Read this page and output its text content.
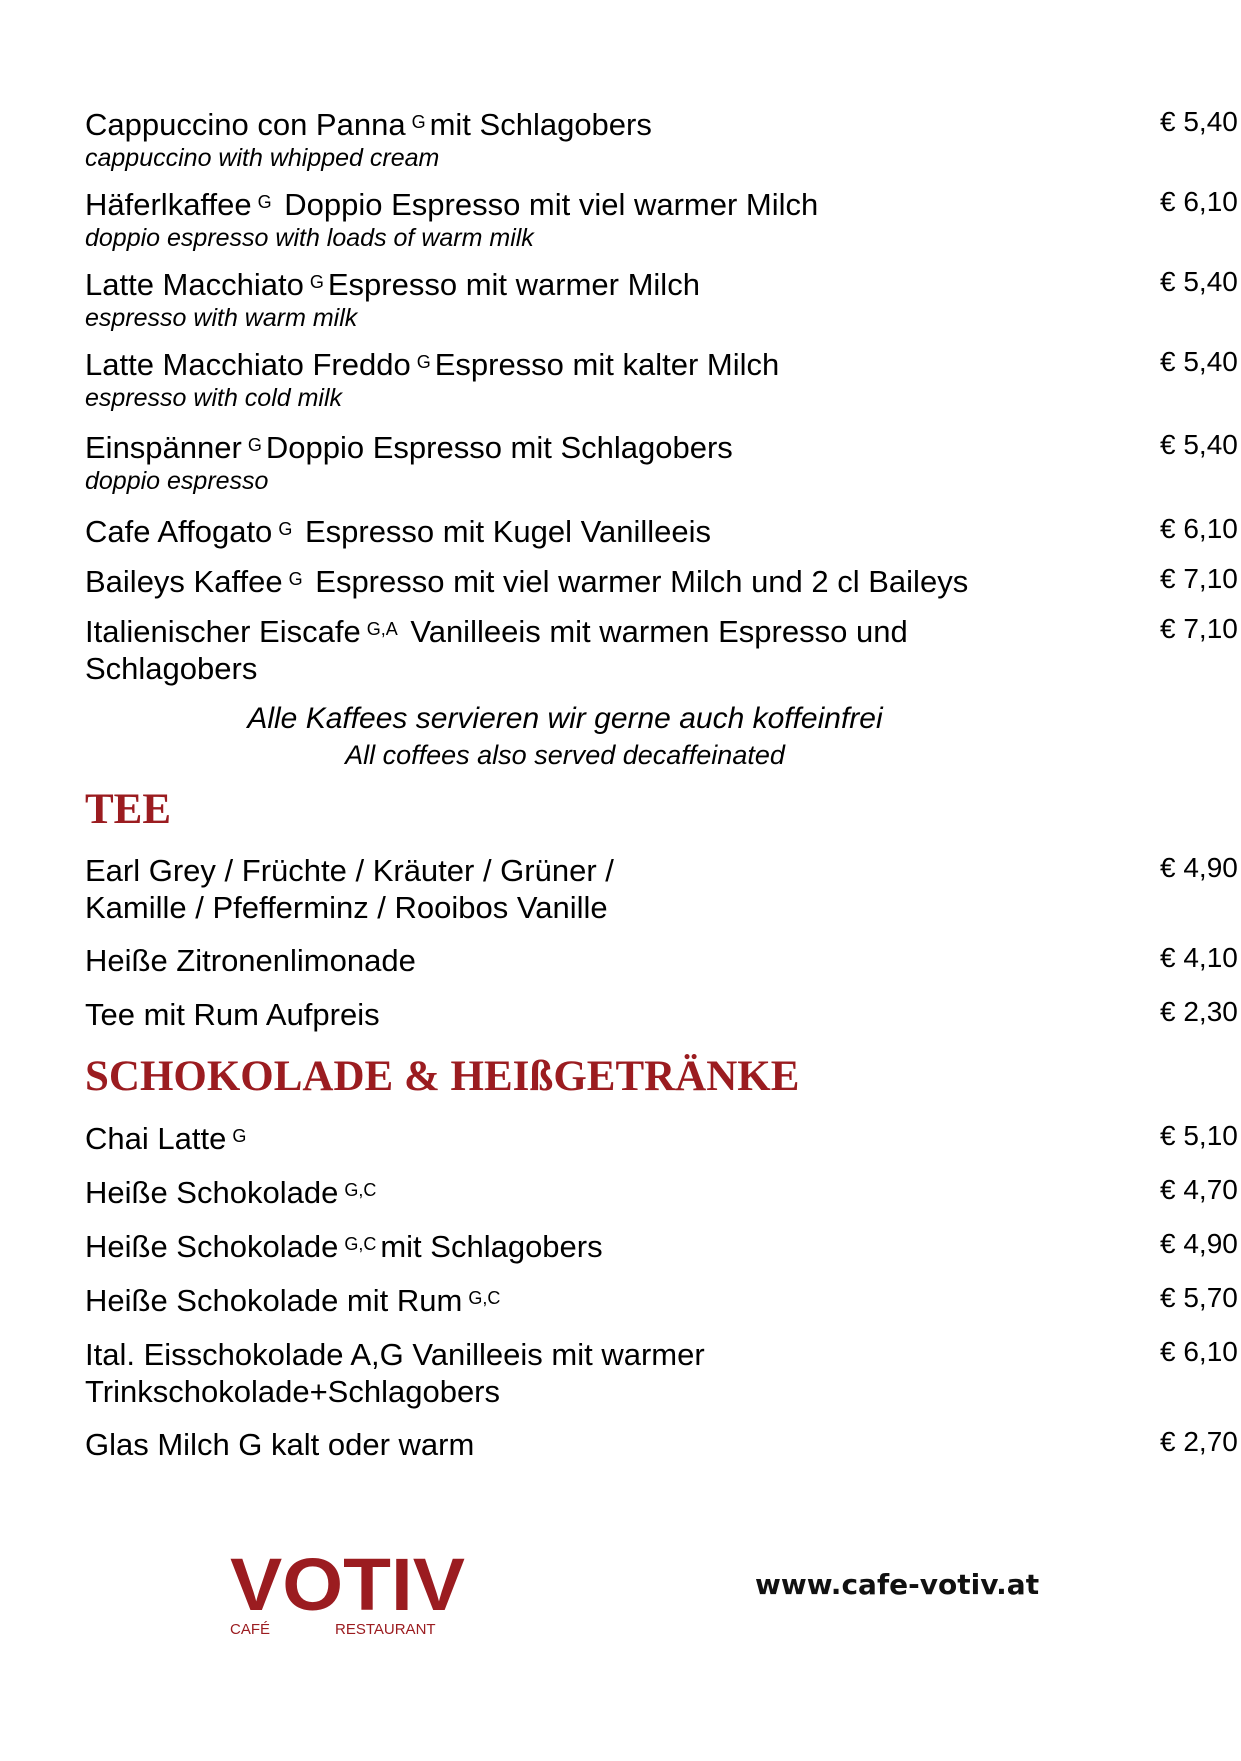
Cappuccino con Panna $^G$ mit Schlagobers
cappuccino with whipped cream
€ 5,40
Häferlkaffee $^G$ Doppio Espresso mit viel warmer Milch
doppio espresso with loads of warm milk
€ 6,10
Latte Macchiato $^G$ Espresso mit warmer Milch
espresso with warm milk
€ 5,40
Latte Macchiato Freddo $^G$ Espresso mit kalter Milch
espresso with cold milk
€ 5,40
Einspänner $^G$ Doppio Espresso mit Schlagobers
doppio espresso
€ 5,40
Cafe Affogato $^G$ Espresso mit Kugel Vanilleeis	€ 6,10
Baileys Kaffee $^G$ Espresso mit viel warmer Milch und 2 cl Baileys	€ 7,10
Italienischer Eiscafe $^{G,A}$ Vanilleeis mit warmen Espresso und Schlagobers
€ 7,10
Alle Kaffees servieren wir gerne auch koffeinfrei
All coffees also served decaffeinated
TEE
Earl Grey / Früchte / Kräuter / Grüner /
Kamille / Pfefferminz / Rooibos Vanille
€ 4,90
Heiße Zitronenlimonade	€ 4,10
Tee mit Rum Aufpreis	€ 2,30
SCHOKOLADE & HEIßGETRÄNKE
Chai Latte $^G$	€ 5,10
Heiße Schokolade $^{G,C}$	€ 4,70
Heiße Schokolade $^{G,C}$ mit Schlagobers	€ 4,90
Heiße Schokolade mit Rum $^{G,C}$	€ 5,70
Ital. Eisschokolade A,G Vanilleeis mit warmer
Trinkschokolade+Schlagobers
€ 6,10
Glas Milch G kalt oder warm	€ 2,70
VOTIV
CAFÉ	RESTAURANT
www.cafe-votiv.at
